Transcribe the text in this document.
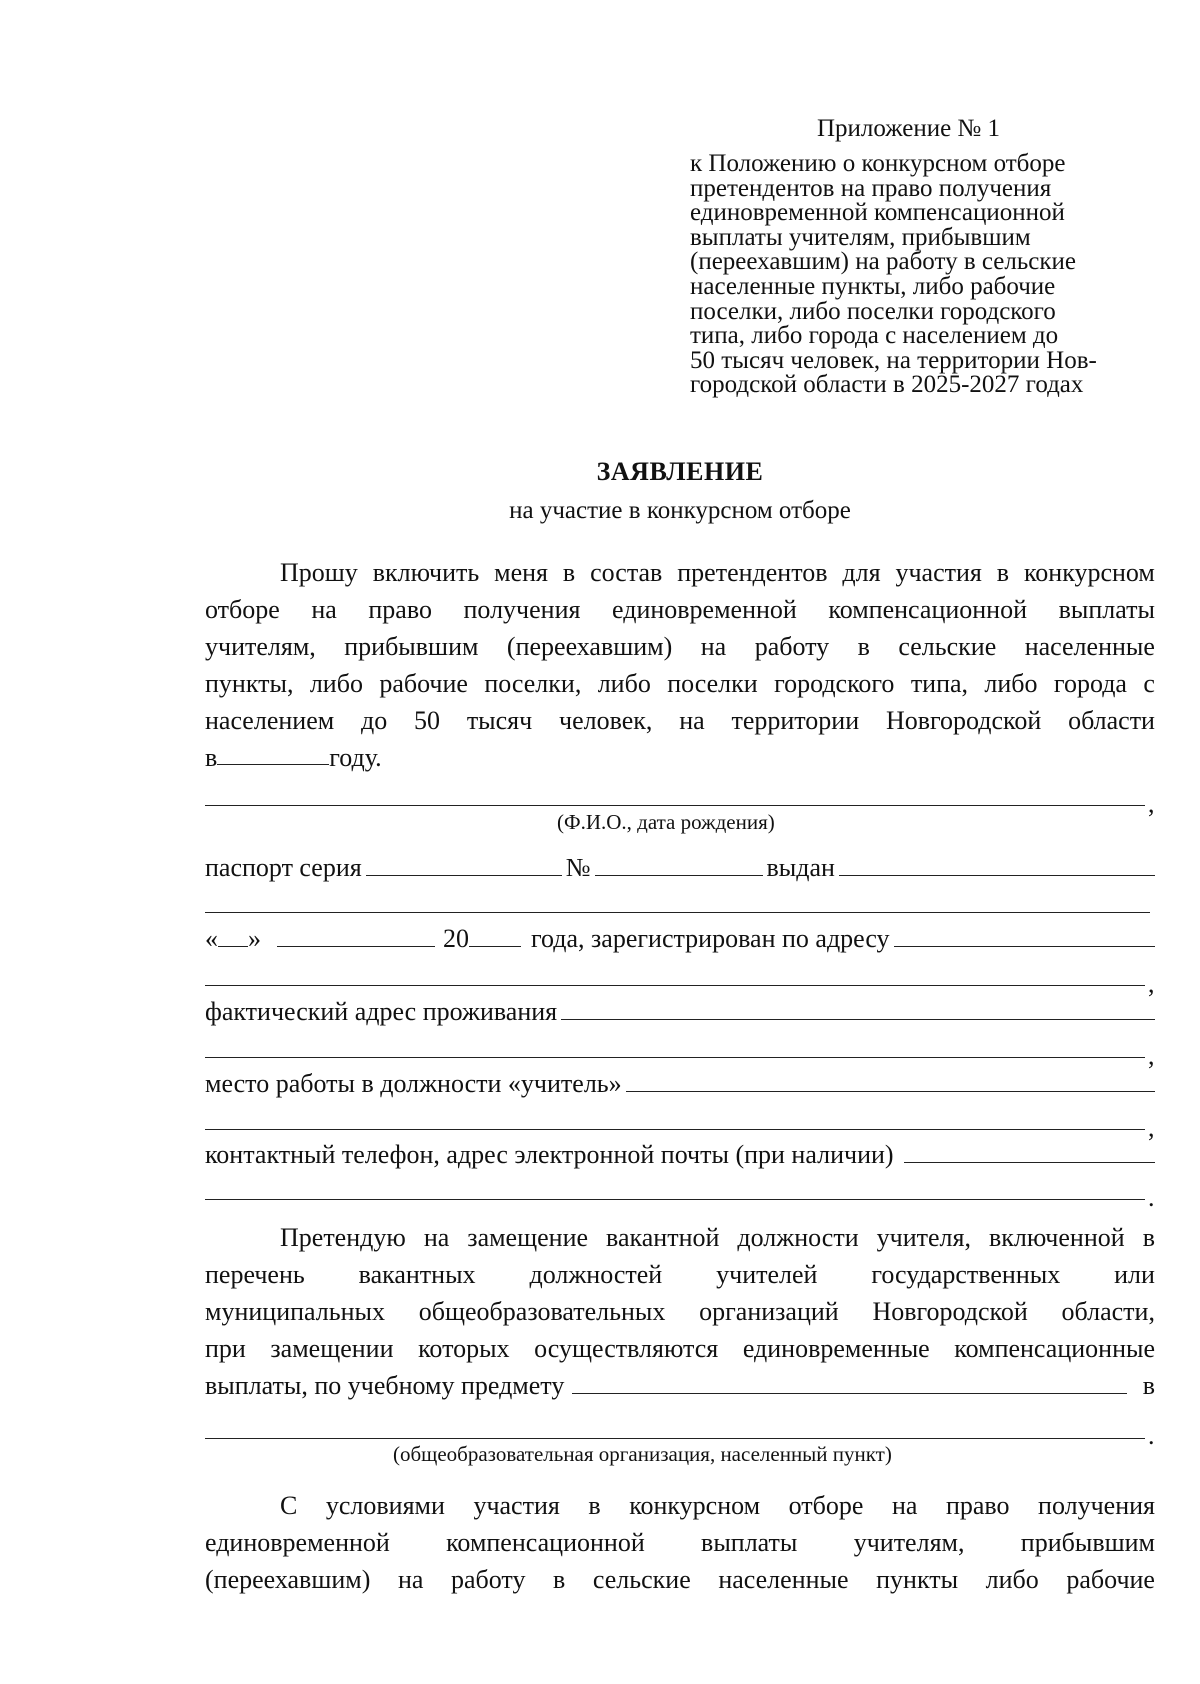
Приложение № 1
к Положению о конкурсном отборе
претендентов на право получения
единовременной компенсационной
выплаты учителям, прибывшим
(переехавшим) на работу в сельские
населенные пункты, либо рабочие
поселки, либо поселки городского
типа, либо города с населением до
50 тысяч человек, на территории Нов-
городской области в 2025-2027 годах
ЗАЯВЛЕНИЕ
на участие в конкурсном отборе
Прошу включить меня в состав претендентов для участия в конкурсном
отборе на право получения единовременной компенсационной выплаты
учителям, прибывшим (переехавшим) на работу в сельские населенные
пункты, либо рабочие поселки, либо поселки городского типа, либо города с
населением до 50 тысяч человек, на территории Новгородской области
в	году.
,
(Ф.И.О., дата рождения)
паспорт серия	№	выдан
« »	20 года, зарегистрирован по адресу
,
фактический адрес проживания
,
место работы в должности «учитель»
,
контактный телефон, адрес электронной почты (при наличии)
.
Претендую на замещение вакантной должности учителя, включенной в
перечень вакантных должностей учителей государственных или
муниципальных общеобразовательных организаций Новгородской области,
при замещении которых осуществляются единовременные компенсационные
выплаты, по учебному предмету	в
.
(общеобразовательная организация, населенный пункт)
С условиями участия в конкурсном отборе на право получения
единовременной компенсационной выплаты учителям, прибывшим
(переехавшим) на работу в сельские населенные пункты либо рабочие
